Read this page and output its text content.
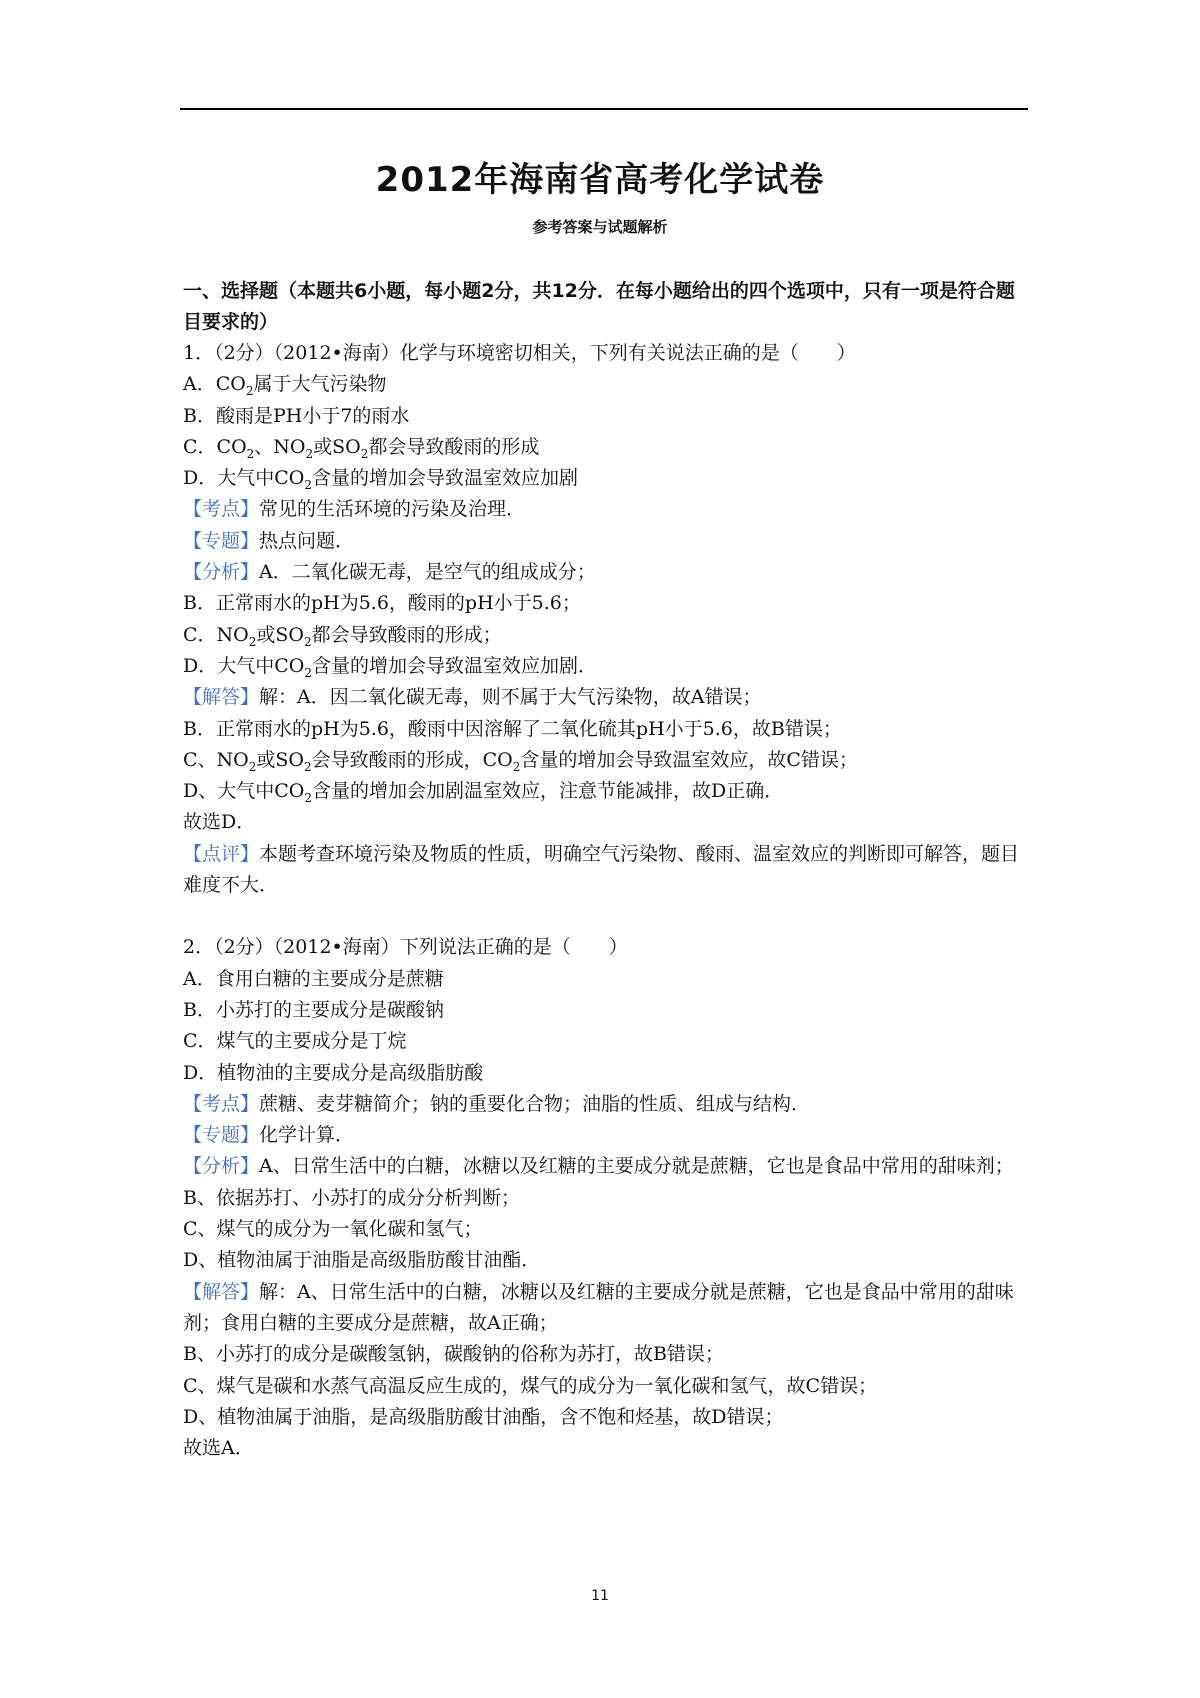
2012年海南省高考化学试卷
参考答案与试题解析
一、选择题（本题共6小题，每小题2分，共12分．在每小题给出的四个选项中，只有一项是符合题目要求的）

1．（2分）（2012•海南）化学与环境密切相关，下列有关说法正确的是（　　）

A．$CO_2$属于大气污染物

B．酸雨是PH小于7的雨水

C．$CO_2$、$NO_2$或$SO_2$都会导致酸雨的形成

D．大气中$CO_2$含量的增加会导致温室效应加剧

【考点】常见的生活环境的污染及治理．

【专题】热点问题．

【分析】A．二氧化碳无毒，是空气的组成成分；

B．正常雨水的pH为5.6，酸雨的pH小于5.6；

C．$NO_2$或$SO_2$都会导致酸雨的形成；

D．大气中$CO_2$含量的增加会导致温室效应加剧．

【解答】解：A．因二氧化碳无毒，则不属于大气污染物，故A错误；

B．正常雨水的pH为5.6，酸雨中因溶解了二氧化硫其pH小于5.6，故B错误；

C、$NO_2$或$SO_2$会导致酸雨的形成，$CO_2$含量的增加会导致温室效应，故C错误；

D、大气中$CO_2$含量的增加会加剧温室效应，注意节能减排，故D正确．

故选D．

【点评】本题考查环境污染及物质的性质，明确空气污染物、酸雨、温室效应的判断即可解答，题目难度不大．

2．（2分）（2012•海南）下列说法正确的是（　　）

A．食用白糖的主要成分是蔗糖

B．小苏打的主要成分是碳酸钠

C．煤气的主要成分是丁烷

D．植物油的主要成分是高级脂肪酸

【考点】蔗糖、麦芽糖简介；钠的重要化合物；油脂的性质、组成与结构．

【专题】化学计算．

【分析】A、日常生活中的白糖，冰糖以及红糖的主要成分就是蔗糖，它也是食品中常用的甜味剂；

B、依据苏打、小苏打的成分分析判断；

C、煤气的成分为一氧化碳和氢气；

D、植物油属于油脂是高级脂肪酸甘油酯．

【解答】解：A、日常生活中的白糖，冰糖以及红糖的主要成分就是蔗糖，它也是食品中常用的甜味剂；食用白糖的主要成分是蔗糖，故A正确；

B、小苏打的成分是碳酸氢钠，碳酸钠的俗称为苏打，故B错误；

C、煤气是碳和水蒸气高温反应生成的，煤气的成分为一氧化碳和氢气，故C错误；

D、植物油属于油脂，是高级脂肪酸甘油酯，含不饱和烃基，故D错误；

故选A．

11
